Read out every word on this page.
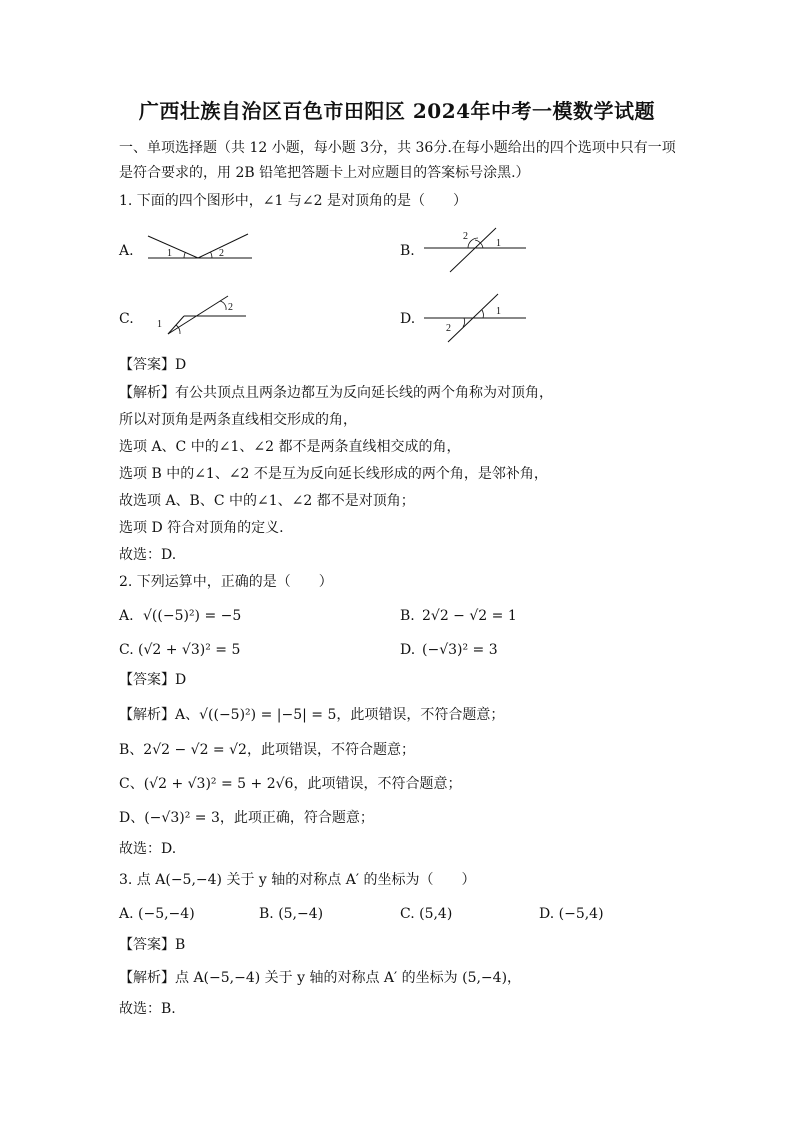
广西壮族自治区百色市田阳区 2024年中考一模数学试题
一、单项选择题（共 12 小题，每小题 3分，共 36分.在每小题给出的四个选项中只有一项
是符合要求的，用 2B 铅笔把答题卡上对应题目的答案标号涂黑.）
1. 下面的四个图形中，∠1 与∠2 是对顶角的是（　　）
A.	1	2	B.
2
1
C. 1
2
D.	1
2
【答案】D
【解析】有公共顶点且两条边都互为反向延长线的两个角称为对顶角，
所以对顶角是两条直线相交形成的角，
选项 A、C 中的∠1、∠2 都不是两条直线相交成的角，
选项 B 中的∠1、∠2 不是互为反向延长线形成的两个角，是邻补角，
故选项 A、B、C 中的∠1、∠2 都不是对顶角；
选项 D 符合对顶角的定义.
故选：D.
2. 下列运算中，正确的是（　　）
A. √((−5)²) = −5	B. 2√2 − √2 = 1
C. (√2 + √3)² = 5	D. (−√3)² = 3
【答案】D
【解析】A、√((−5)²) = |−5| = 5，此项错误，不符合题意；
B、2√2 − √2 = √2，此项错误，不符合题意；
C、(√2 + √3)² = 5 + 2√6，此项错误，不符合题意；
D、(−√3)² = 3，此项正确，符合题意；
故选：D.
3. 点 A(−5,−4) 关于 y 轴的对称点 A′ 的坐标为（　　）
A. (−5,−4)	B. (5,−4)	C. (5,4)	D. (−5,4)
【答案】B
【解析】点 A(−5,−4) 关于 y 轴的对称点 A′ 的坐标为 (5,−4)，
故选：B.
